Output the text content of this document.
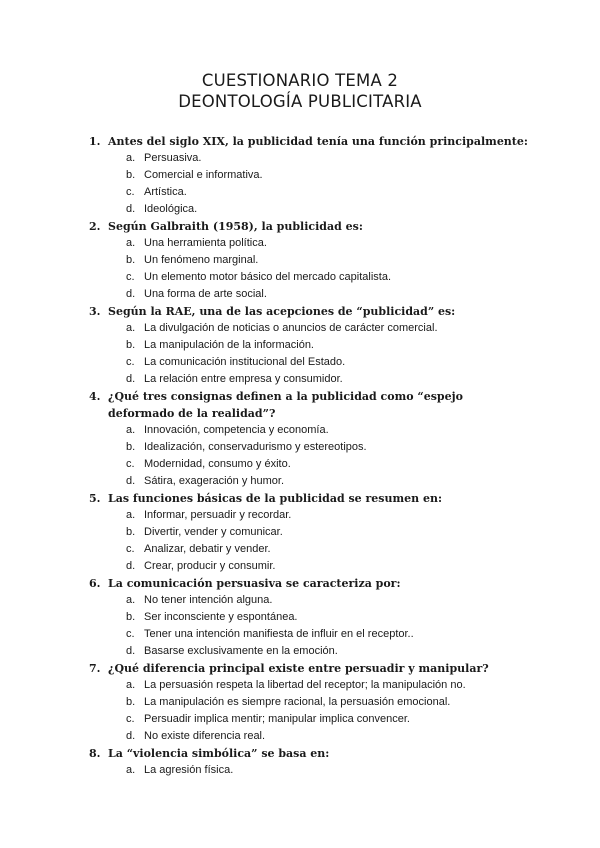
CUESTIONARIO TEMA 2
DEONTOLOGÍA PUBLICITARIA
1. Antes del siglo XIX, la publicidad tenía una función principalmente:
a. Persuasiva.
b. Comercial e informativa.
c. Artística.
d. Ideológica.
2. Según Galbraith (1958), la publicidad es:
a. Una herramienta política.
b. Un fenómeno marginal.
c. Un elemento motor básico del mercado capitalista.
d. Una forma de arte social.
3. Según la RAE, una de las acepciones de “publicidad” es:
a. La divulgación de noticias o anuncios de carácter comercial.
b. La manipulación de la información.
c. La comunicación institucional del Estado.
d. La relación entre empresa y consumidor.
4. ¿Qué tres consignas definen a la publicidad como “espejo deformado de la realidad”?
a. Innovación, competencia y economía.
b. Idealización, conservadurismo y estereotipos.
c. Modernidad, consumo y éxito.
d. Sátira, exageración y humor.
5. Las funciones básicas de la publicidad se resumen en:
a. Informar, persuadir y recordar.
b. Divertir, vender y comunicar.
c. Analizar, debatir y vender.
d. Crear, producir y consumir.
6. La comunicación persuasiva se caracteriza por:
a. No tener intención alguna.
b. Ser inconsciente y espontánea.
c. Tener una intención manifiesta de influir en el receptor..
d. Basarse exclusivamente en la emoción.
7. ¿Qué diferencia principal existe entre persuadir y manipular?
a. La persuasión respeta la libertad del receptor; la manipulación no.
b. La manipulación es siempre racional, la persuasión emocional.
c. Persuadir implica mentir; manipular implica convencer.
d. No existe diferencia real.
8. La “violencia simbólica” se basa en:
a. La agresión física.
